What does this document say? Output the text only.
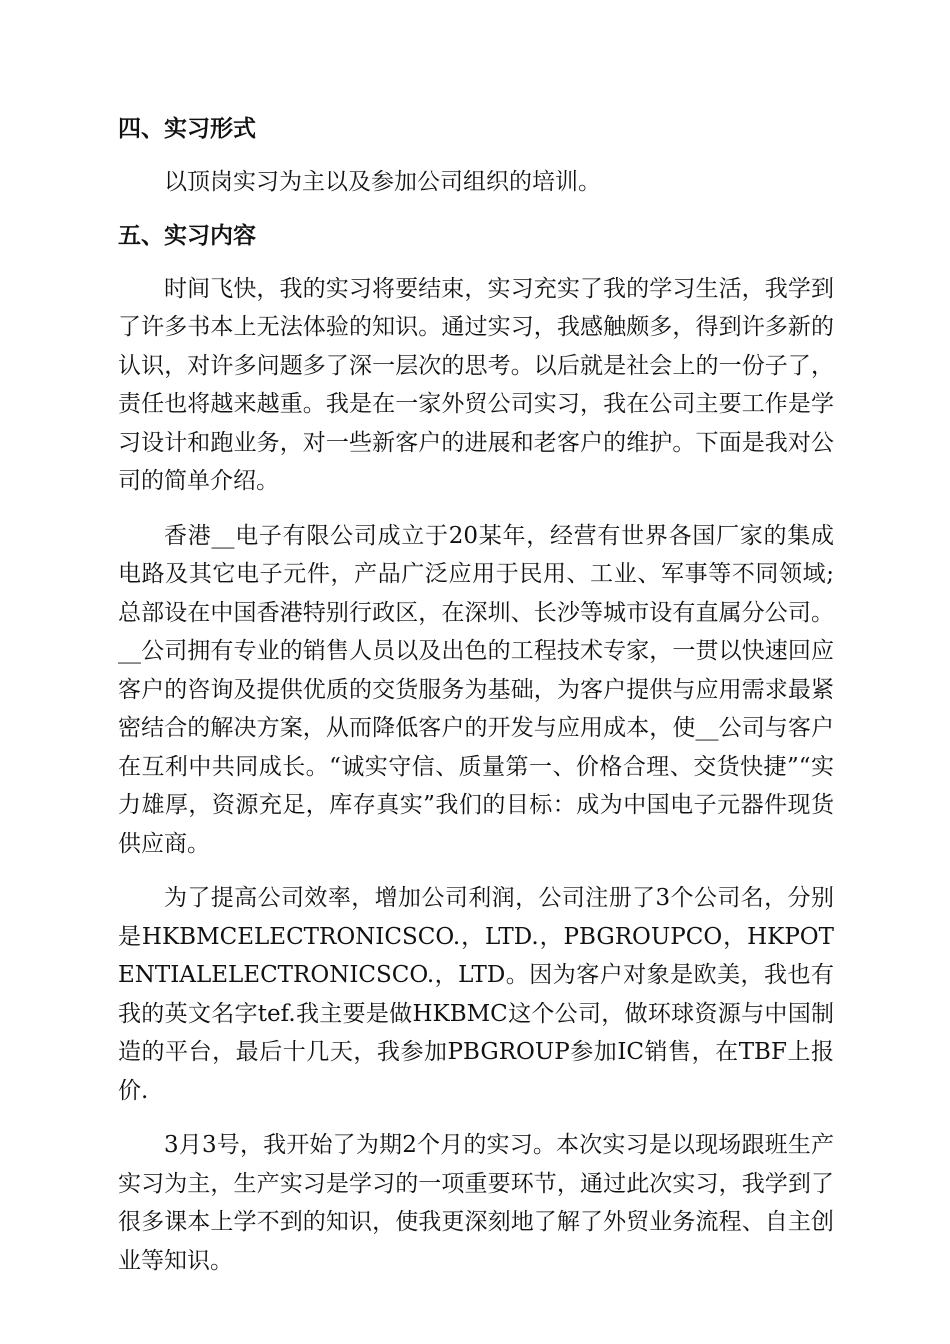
四、实习形式

以顶岗实习为主以及参加公司组织的培训。

五、实习内容

时间飞快，我的实习将要结束，实习充实了我的学习生活，我学到了许多书本上无法体验的知识。通过实习，我感触颇多，得到许多新的认识，对许多问题多了深一层次的思考。以后就是社会上的一份子了，责任也将越来越重。我是在一家外贸公司实习，我在公司主要工作是学习设计和跑业务，对一些新客户的进展和老客户的维护。下面是我对公司的简单介绍。

香港__电子有限公司成立于20某年，经营有世界各国厂家的集成电路及其它电子元件，产品广泛应用于民用、工业、军事等不同领域;总部设在中国香港特别行政区，在深圳、长沙等城市设有直属分公司。__公司拥有专业的销售人员以及出色的工程技术专家，一贯以快速回应客户的咨询及提供优质的交货服务为基础，为客户提供与应用需求最紧密结合的解决方案，从而降低客户的开发与应用成本，使__公司与客户在互利中共同成长。“诚实守信、质量第一、价格合理、交货快捷”“实力雄厚，资源充足，库存真实”我们的目标：成为中国电子元器件现货供应商。

为了提高公司效率，增加公司利润，公司注册了3个公司名，分别是HKBMCELECTRONICSCO.，LTD.，PBGROUPCO，HKPOTENTIALELECTRONICSCO.，LTD。因为客户对象是欧美，我也有我的英文名字tef.我主要是做HKBMC这个公司，做环球资源与中国制造的平台，最后十几天，我参加PBGROUP参加IC销售，在TBF上报价.

3月3号，我开始了为期2个月的实习。本次实习是以现场跟班生产实习为主，生产实习是学习的一项重要环节，通过此次实习，我学到了很多课本上学不到的知识，使我更深刻地了解了外贸业务流程、自主创业等知识。
